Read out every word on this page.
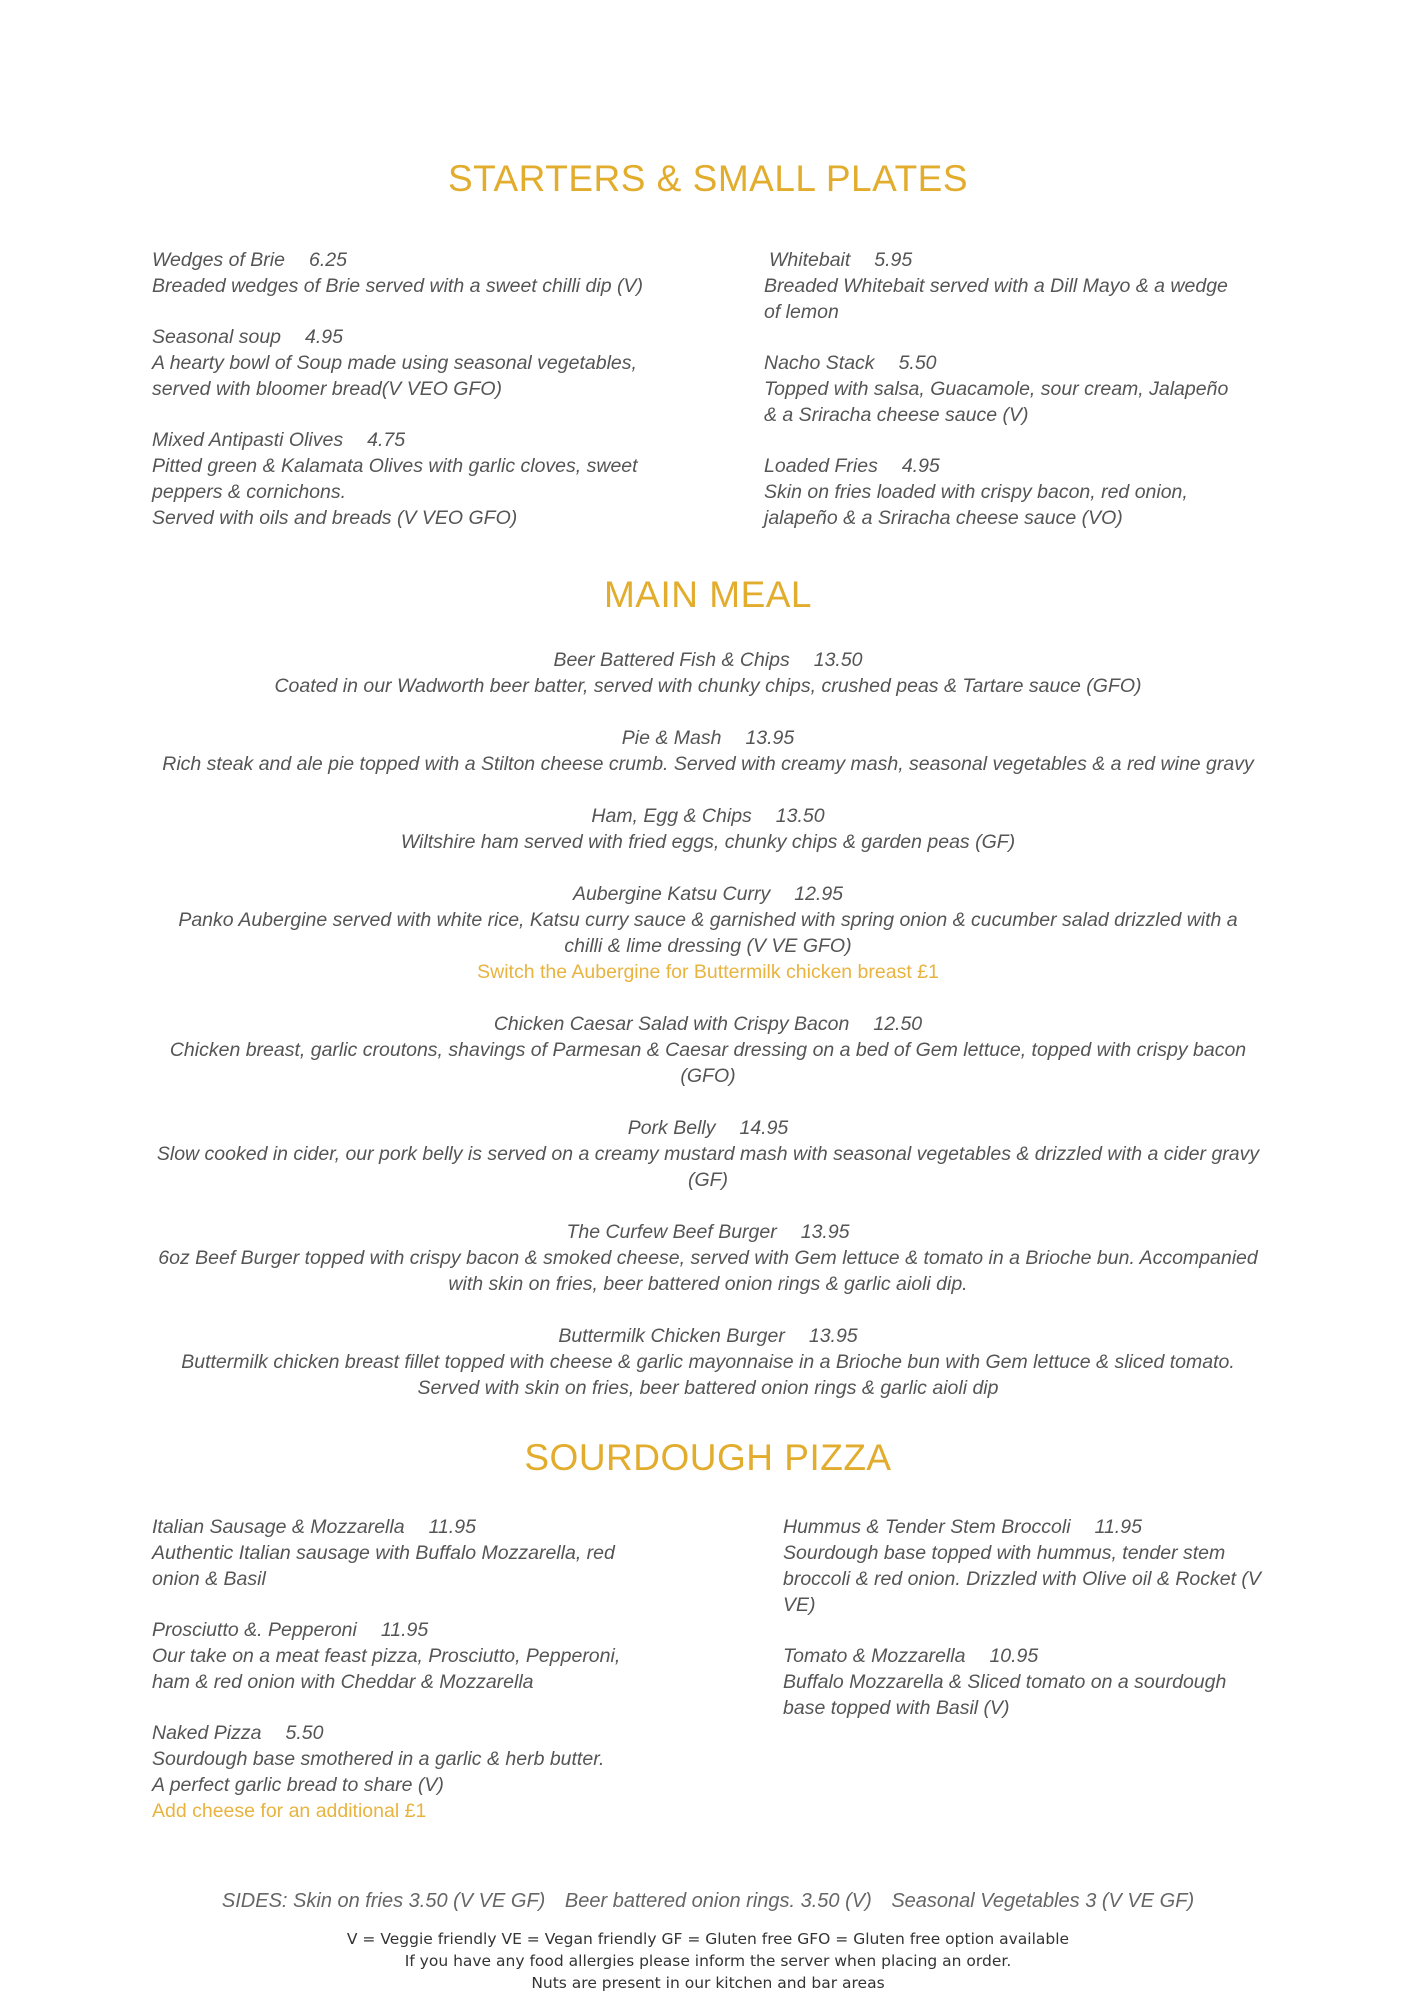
STARTERS & SMALL PLATES
Wedges of Brie 6.25
Breaded wedges of Brie served with a sweet chilli dip (V)
Seasonal soup 4.95
A hearty bowl of Soup made using seasonal vegetables,
served with bloomer bread(V VEO GFO)
Mixed Antipasti Olives 4.75
Pitted green & Kalamata Olives with garlic cloves, sweet
peppers & cornichons.
Served with oils and breads (V VEO GFO)
Whitebait 5.95
Breaded Whitebait served with a Dill Mayo & a wedge
of lemon
Nacho Stack 5.50
Topped with salsa, Guacamole, sour cream, Jalapeño
& a Sriracha cheese sauce (V)
Loaded Fries 4.95
Skin on fries loaded with crispy bacon, red onion,
jalapeño & a Sriracha cheese sauce (VO)
MAIN MEAL
Beer Battered Fish & Chips 13.50
Coated in our Wadworth beer batter, served with chunky chips, crushed peas & Tartare sauce (GFO)
Pie & Mash 13.95
Rich steak and ale pie topped with a Stilton cheese crumb. Served with creamy mash, seasonal vegetables & a red wine gravy
Ham, Egg & Chips 13.50
Wiltshire ham served with fried eggs, chunky chips & garden peas (GF)
Aubergine Katsu Curry 12.95
Panko Aubergine served with white rice, Katsu curry sauce & garnished with spring onion & cucumber salad drizzled with a
chilli & lime dressing (V VE GFO)
Switch the Aubergine for Buttermilk chicken breast £1
Chicken Caesar Salad with Crispy Bacon 12.50
Chicken breast, garlic croutons, shavings of Parmesan & Caesar dressing on a bed of Gem lettuce, topped with crispy bacon
(GFO)
Pork Belly 14.95
Slow cooked in cider, our pork belly is served on a creamy mustard mash with seasonal vegetables & drizzled with a cider gravy
(GF)
The Curfew Beef Burger 13.95
6oz Beef Burger topped with crispy bacon & smoked cheese, served with Gem lettuce & tomato in a Brioche bun. Accompanied
with skin on fries, beer battered onion rings & garlic aioli dip.
Buttermilk Chicken Burger 13.95
Buttermilk chicken breast fillet topped with cheese & garlic mayonnaise in a Brioche bun with Gem lettuce & sliced tomato.
Served with skin on fries, beer battered onion rings & garlic aioli dip
SOURDOUGH PIZZA
Italian Sausage & Mozzarella 11.95
Authentic Italian sausage with Buffalo Mozzarella, red
onion & Basil
Prosciutto &. Pepperoni 11.95
Our take on a meat feast pizza, Prosciutto, Pepperoni,
ham & red onion with Cheddar & Mozzarella
Naked Pizza 5.50
Sourdough base smothered in a garlic & herb butter.
A perfect garlic bread to share (V)
Add cheese for an additional £1
Hummus & Tender Stem Broccoli 11.95
Sourdough base topped with hummus, tender stem
broccoli & red onion. Drizzled with Olive oil & Rocket (V
VE)
Tomato & Mozzarella 10.95
Buffalo Mozzarella & Sliced tomato on a sourdough
base topped with Basil (V)
SIDES: Skin on fries 3.50 (V VE GF) Beer battered onion rings. 3.50 (V) Seasonal Vegetables 3 (V VE GF)
V = Veggie friendly VE = Vegan friendly GF = Gluten free GFO = Gluten free option available
If you have any food allergies please inform the server when placing an order.
Nuts are present in our kitchen and bar areas
